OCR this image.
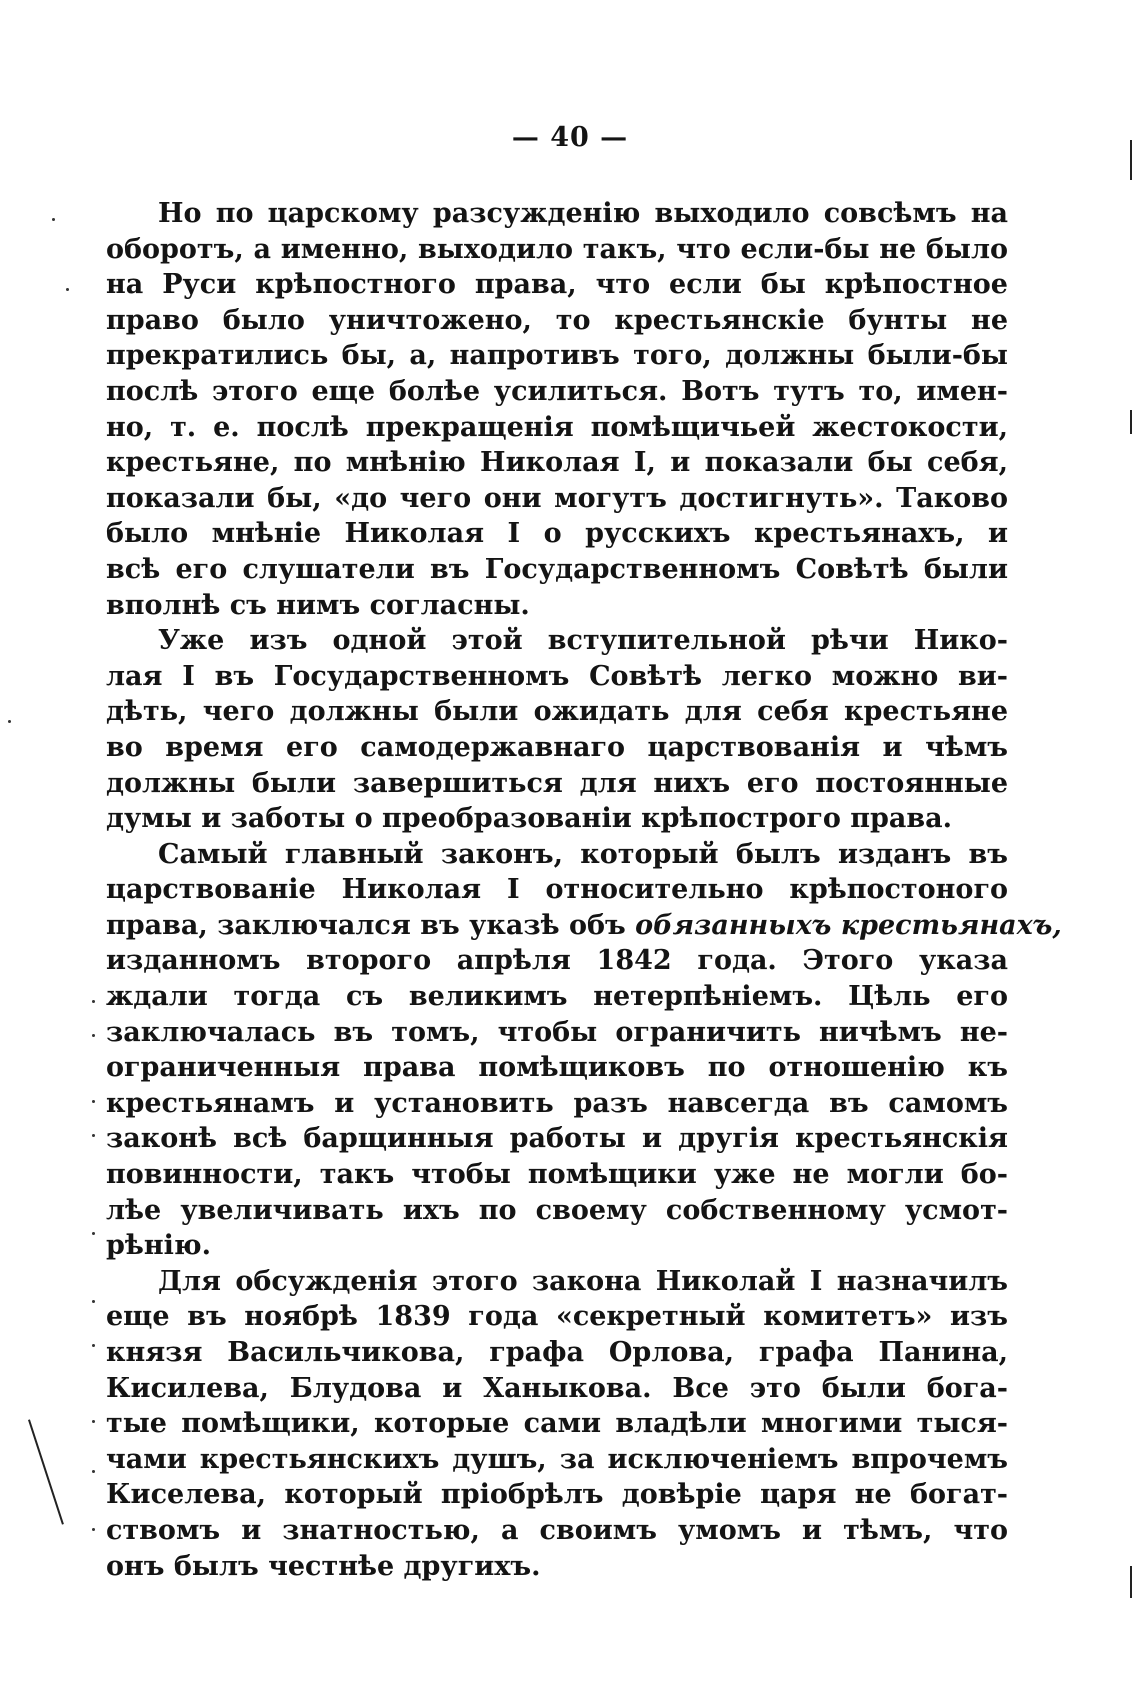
— 40 —
Но по царскому разсужденію выходило совсѣмъ на
оборотъ, а именно, выходило такъ, что если-бы не было
на Руси крѣпостного права, что если бы крѣпостное
право было уничтожено, то крестьянскіе бунты не
прекратились бы, а, напротивъ того, должны были-бы
послѣ этого еще болѣе усилиться. Вотъ тутъ то, имен-
но, т. е. послѣ прекращенія помѣщичьей жестокости,
крестьяне, по мнѣнію Николая I, и показали бы себя,
показали бы, «до чего они могутъ достигнуть». Таково
было мнѣніе Николая I о русскихъ крестьянахъ, и
всѣ его слушатели въ Государственномъ Совѣтѣ были
вполнѣ съ нимъ согласны.
Уже изъ одной этой вступительной рѣчи Нико-
лая I въ Государственномъ Совѣтѣ легко можно ви-
дѣть, чего должны были ожидать для себя крестьяне
во время его самодержавнаго царствованія и чѣмъ
должны были завершиться для нихъ его постоянные
думы и заботы о преобразованіи крѣпострого права.
Самый главный законъ, который былъ изданъ въ
царствованіе Николая I относительно крѣпостоного
права, заключался въ указѣ объ обязанныхъ крестьянахъ,
изданномъ второго апрѣля 1842 года. Этого указа
ждали тогда съ великимъ нетерпѣніемъ. Цѣль его
заключалась въ томъ, чтобы ограничить ничѣмъ не-
ограниченныя права помѣщиковъ по отношенію къ
крестьянамъ и установить разъ навсегда въ самомъ
законѣ всѣ барщинныя работы и другія крестьянскія
повинности, такъ чтобы помѣщики уже не могли бо-
лѣе увеличивать ихъ по своему собственному усмот-
рѣнію.
Для обсужденія этого закона Николай I назначилъ
еще въ ноябрѣ 1839 года «секретный комитетъ» изъ
князя Васильчикова, графа Орлова, графа Панина,
Кисилева, Блудова и Ханыкова. Все это были бога-
тые помѣщики, которые сами владѣли многими тыся-
чами крестьянскихъ душъ, за исключеніемъ впрочемъ
Киселева, который пріобрѣлъ довѣріе царя не богат-
ствомъ и знатностью, а своимъ умомъ и тѣмъ, что
онъ былъ честнѣе другихъ.
